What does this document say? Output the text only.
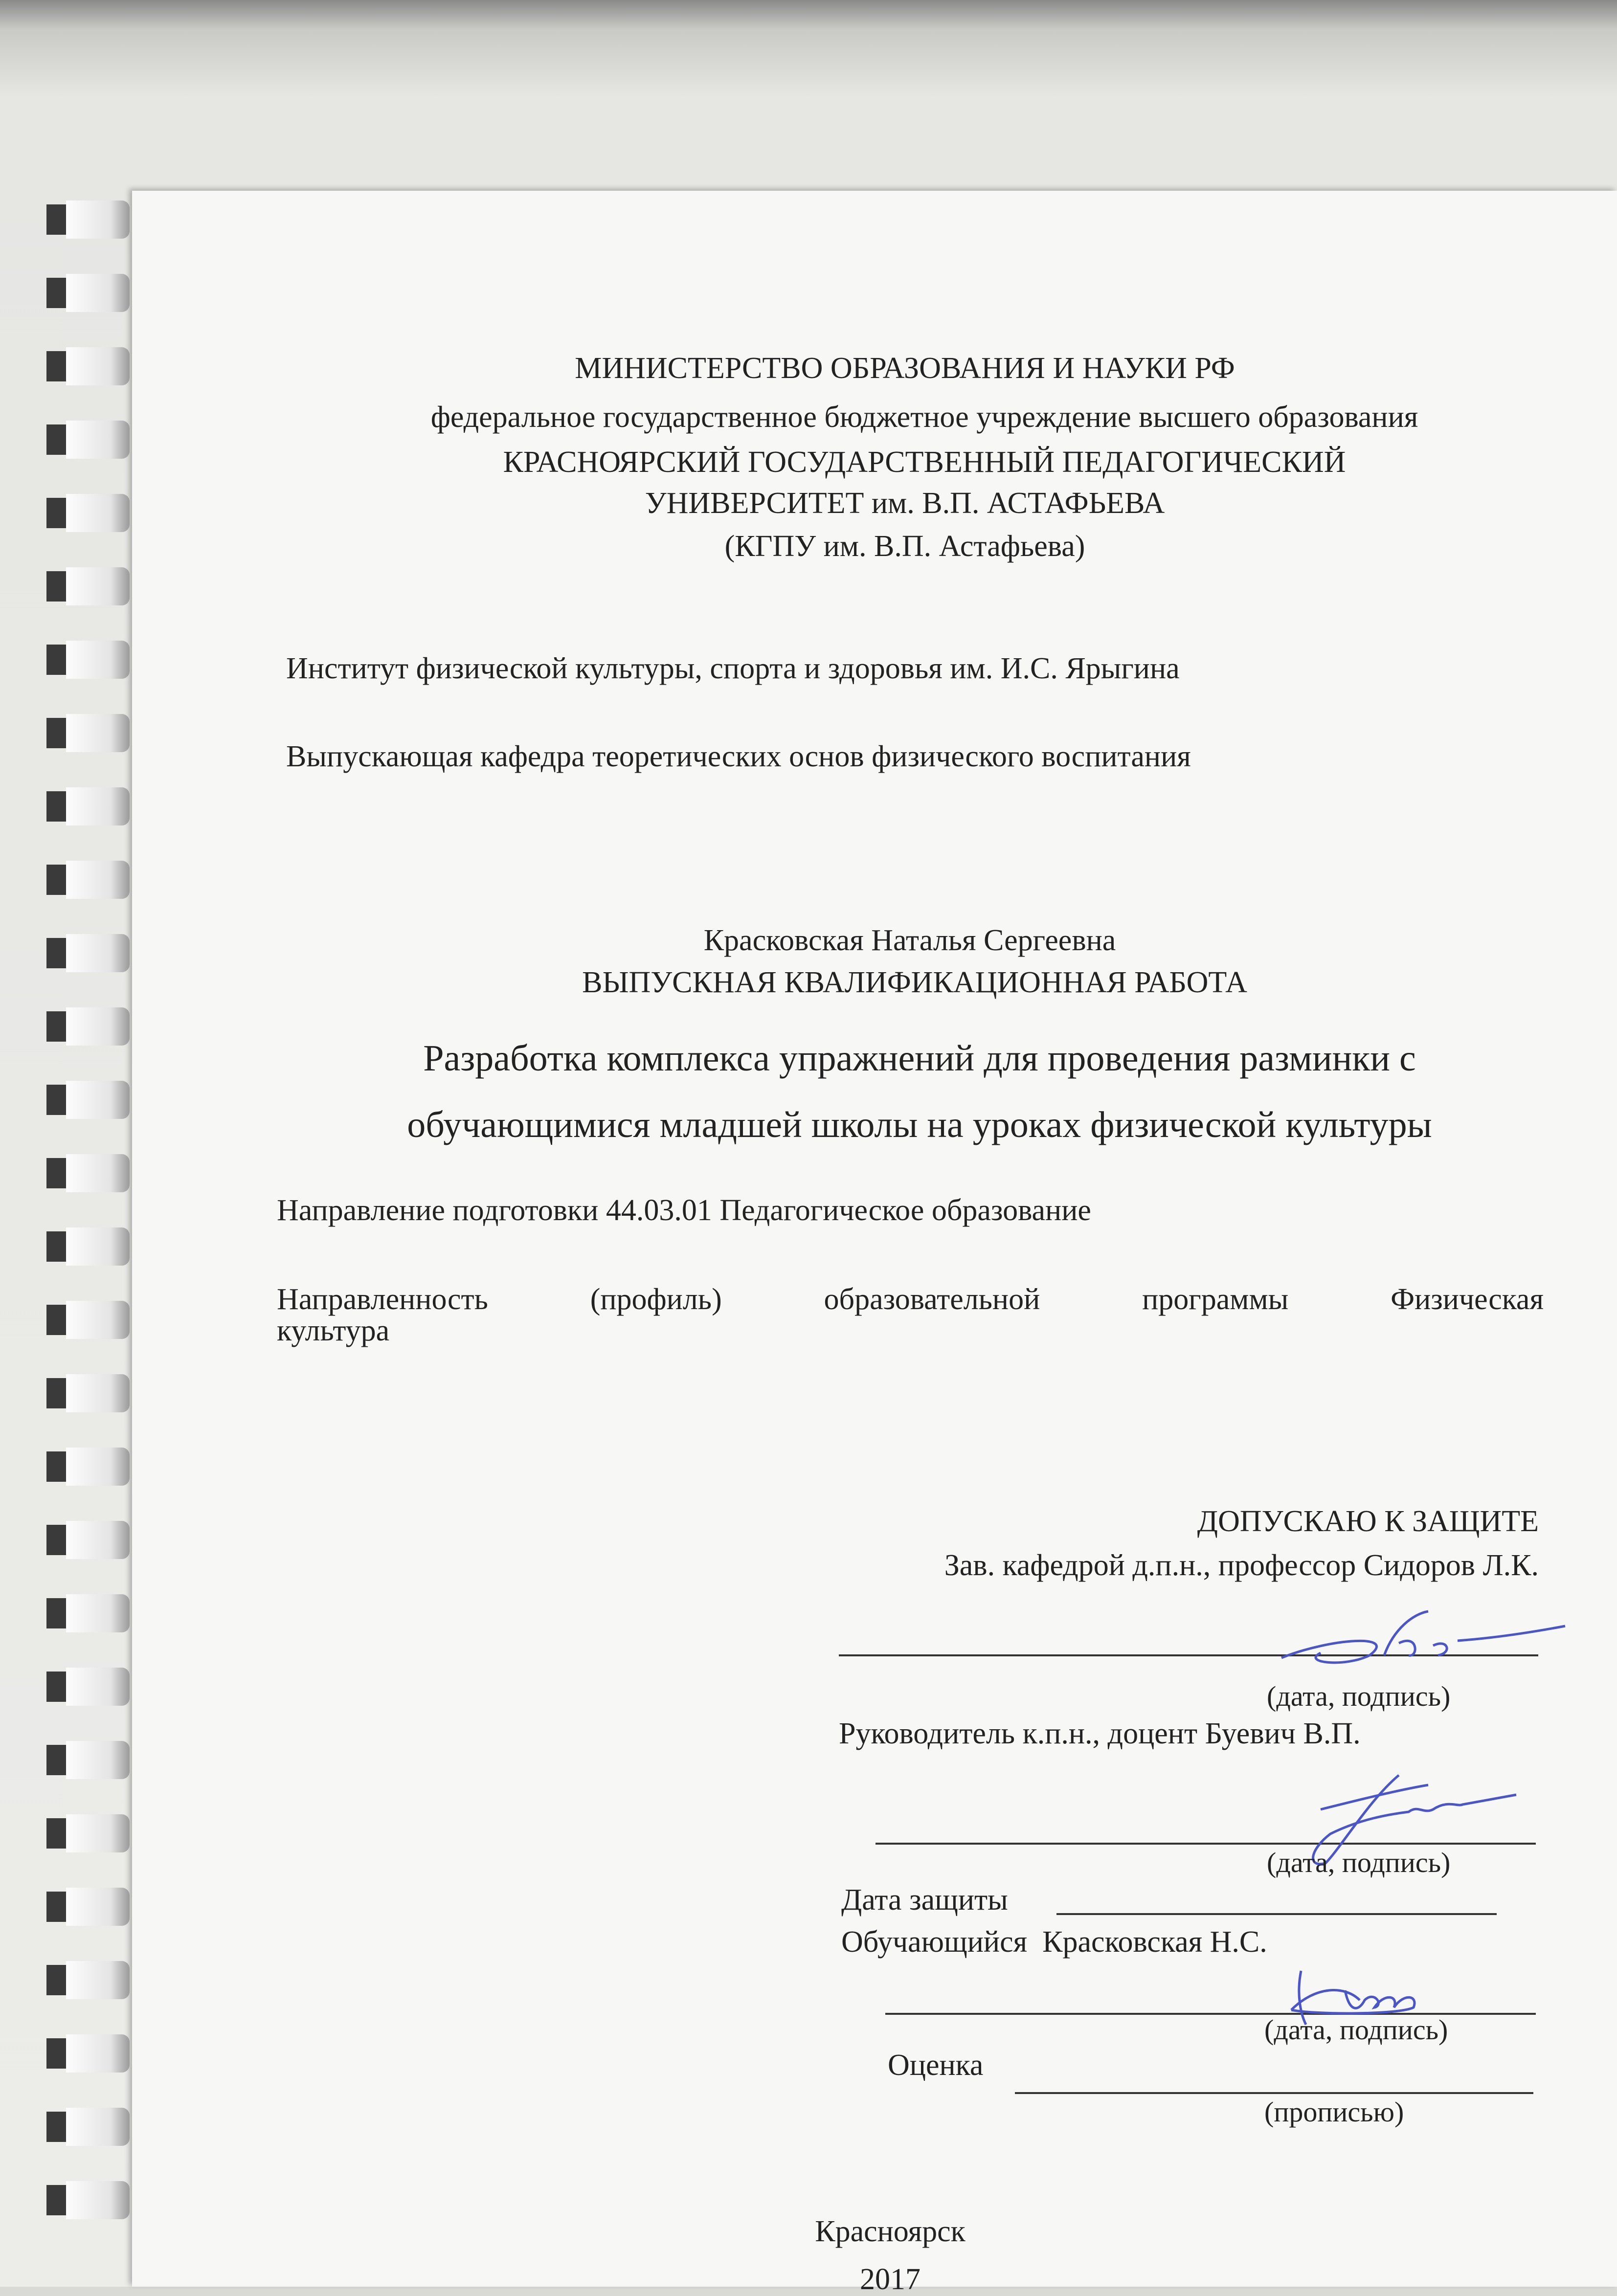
МИНИСТЕРСТВО ОБРАЗОВАНИЯ И НАУКИ РФ
федеральное государственное бюджетное учреждение высшего образования
КРАСНОЯРСКИЙ ГОСУДАРСТВЕННЫЙ ПЕДАГОГИЧЕСКИЙ
УНИВЕРСИТЕТ им. В.П. АСТАФЬЕВА
(КГПУ им. В.П. Астафьева)
Институт физической культуры, спорта и здоровья им. И.С. Ярыгина
Выпускающая кафедра теоретических основ физического воспитания
Красковская Наталья Сергеевна
ВЫПУСКНАЯ КВАЛИФИКАЦИОННАЯ РАБОТА
Разработка комплекса упражнений для проведения разминки с
обучающимися младшей школы на уроках физической культуры
Направление подготовки 44.03.01 Педагогическое образование
Направленность	(профиль)	образовательной	программы	Физическая
культура
ДОПУСКАЮ К ЗАЩИТЕ
Зав. кафедрой д.п.н., профессор Сидоров Л.К.
(дата, подпись)
Руководитель к.п.н., доцент Буевич В.П.
(дата, подпись)
Дата защиты
Обучающийся  Красковская Н.С.
(дата, подпись)
Оценка
(прописью)
Красноярск
2017
